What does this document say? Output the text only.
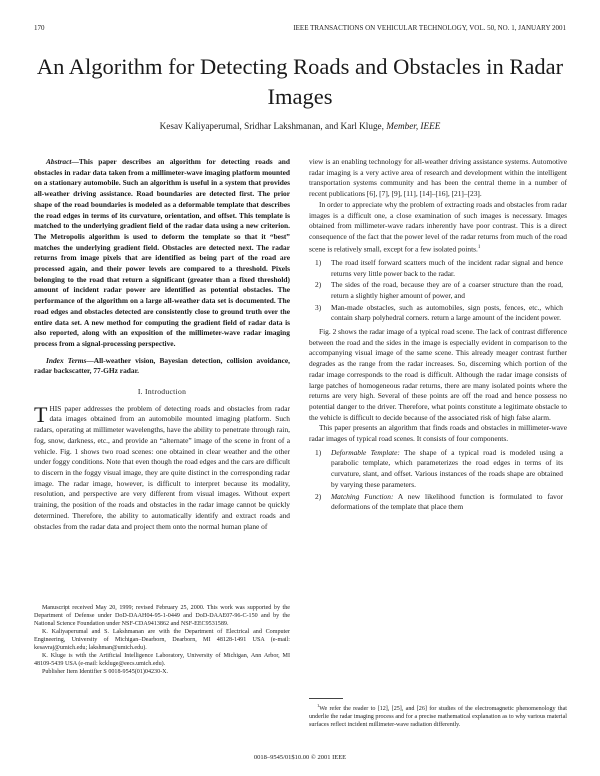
170	IEEE TRANSACTIONS ON VEHICULAR TECHNOLOGY, VOL. 50, NO. 1, JANUARY 2001
An Algorithm for Detecting Roads and Obstacles in Radar Images
Kesav Kaliyaperumal, Sridhar Lakshmanan, and Karl Kluge, Member, IEEE

Abstract—This paper describes an algorithm for detecting roads and obstacles in radar data taken from a millimeter-wave imaging platform mounted on a stationary automobile. Such an algorithm is useful in a system that provides all-weather driving assistance. Road boundaries are detected first. The prior shape of the road boundaries is modeled as a deformable template that describes the road edges in terms of its curvature, orientation, and offset. This template is matched to the underlying gradient field of the radar data using a new criterion. The Metropolis algorithm is used to deform the template so that it “best” matches the underlying gradient field. Obstacles are detected next. The radar returns from image pixels that are identified as being part of the road are processed again, and their power levels are compared to a threshold. Pixels belonging to the road that return a significant (greater than a fixed threshold) amount of incident radar power are identified as potential obstacles. The performance of the algorithm on a large all-weather data set is documented. The road edges and obstacles detected are consistently close to ground truth over the entire data set. A new method for computing the gradient field of radar data is also reported, along with an exposition of the millimeter-wave radar imaging process from a signal-processing perspective.

Index Terms—All-weather vision, Bayesian detection, collision avoidance, radar backscatter, 77-GHz radar.

I. Introduction

THIS paper addresses the problem of detecting roads and obstacles from radar data images obtained from an automobile mounted imaging platform. Such radars, operating at millimeter wavelengths, have the ability to penetrate through rain, fog, snow, darkness, etc., and provide an “alternate” image of the scene in front of a vehicle. Fig. 1 shows two road scenes: one obtained in clear weather and the other under foggy conditions. Note that even though the road edges and the cars are difficult to discern in the foggy visual image, they are quite distinct in the corresponding radar image. The radar image, however, is difficult to interpret because its modality, resolution, and perspective are very different from visual images. Without expert training, the position of the roads and obstacles in the radar image cannot be quickly determined. Therefore, the ability to automatically identify and extract roads and obstacles from the radar data and project them onto the normal human plane of

Manuscript received May 20, 1999; revised February 25, 2000. This work was supported by the Department of Defense under DoD-DAAH04-95-1-0449 and DoD-DAAE07-96-C-150 and by the National Science Foundation under NSF-CDA9413862 and NSF-EEC9531589.

K. Kaliyaperumal and S. Lakshmanan are with the Department of Electrical and Computer Engineering, University of Michigan–Dearborn, Dearborn, MI 48128-1491 USA (e-mail: kesavraj@umich.edu; lakshman@umich.edu).

K. Kluge is with the Artificial Intelligence Laboratory, University of Michigan, Ann Arbor, MI 48109-5439 USA (e-mail: kckluge@eecs.umich.edu).

Publisher Item Identifier S 0018-9545(01)04230-X.

view is an enabling technology for all-weather driving assistance systems. Automotive radar imaging is a very active area of research and development within the intelligent transportation systems community and has been the central theme in a number of recent publications [6], [7], [9], [11], [14]–[16], [21]–[23].

In order to appreciate why the problem of extracting roads and obstacles from radar images is a difficult one, a close examination of such images is necessary. Images obtained from millimeter-wave radars inherently have poor contrast. This is a direct consequence of the fact that the power level of the radar returns from much of the road scene is relatively small, except for a few isolated points.$^1$

1) The road itself forward scatters much of the incident radar signal and hence returns very little power back to the radar.
2) The sides of the road, because they are of a coarser structure than the road, return a slightly higher amount of power, and
3) Man-made obstacles, such as automobiles, sign posts, fences, etc., which contain sharp polyhedral corners. return a large amount of the incident power.

Fig. 2 shows the radar image of a typical road scene. The lack of contrast difference between the road and the sides in the image is especially evident in comparison to the accompanying visual image of the same scene. This already meager contrast further degrades as the range from the radar increases. So, discerning which portion of the radar image corresponds to the road is difficult. Although the radar image consists of large patches of homogeneous radar returns, there are many isolated points where the returns are very high. Several of these points are off the road and hence possess no potential danger to the driver. Therefore, what points constitute a legitimate obstacle to the vehicle is difficult to decide because of the associated risk of high false alarm.

This paper presents an algorithm that finds roads and obstacles in millimeter-wave radar images of typical road scenes. It consists of four components.

1) Deformable Template: The shape of a typical road is modeled using a parabolic template, which parameterizes the road edges in terms of its curvature, slant, and offset. Various instances of the roads shape are obtained by varying these parameters.
2) Matching Function: A new likelihood function is formulated to favor deformations of the template that place them

$^1$We refer the reader to [12], [25], and [26] for studies of the electromagnetic phenomenology that underlie the radar imaging process and for a precise mathematical explanation as to why various material surfaces reflect incident millimeter-wave radiation differently.

0018–9545/01$10.00 © 2001 IEEE
